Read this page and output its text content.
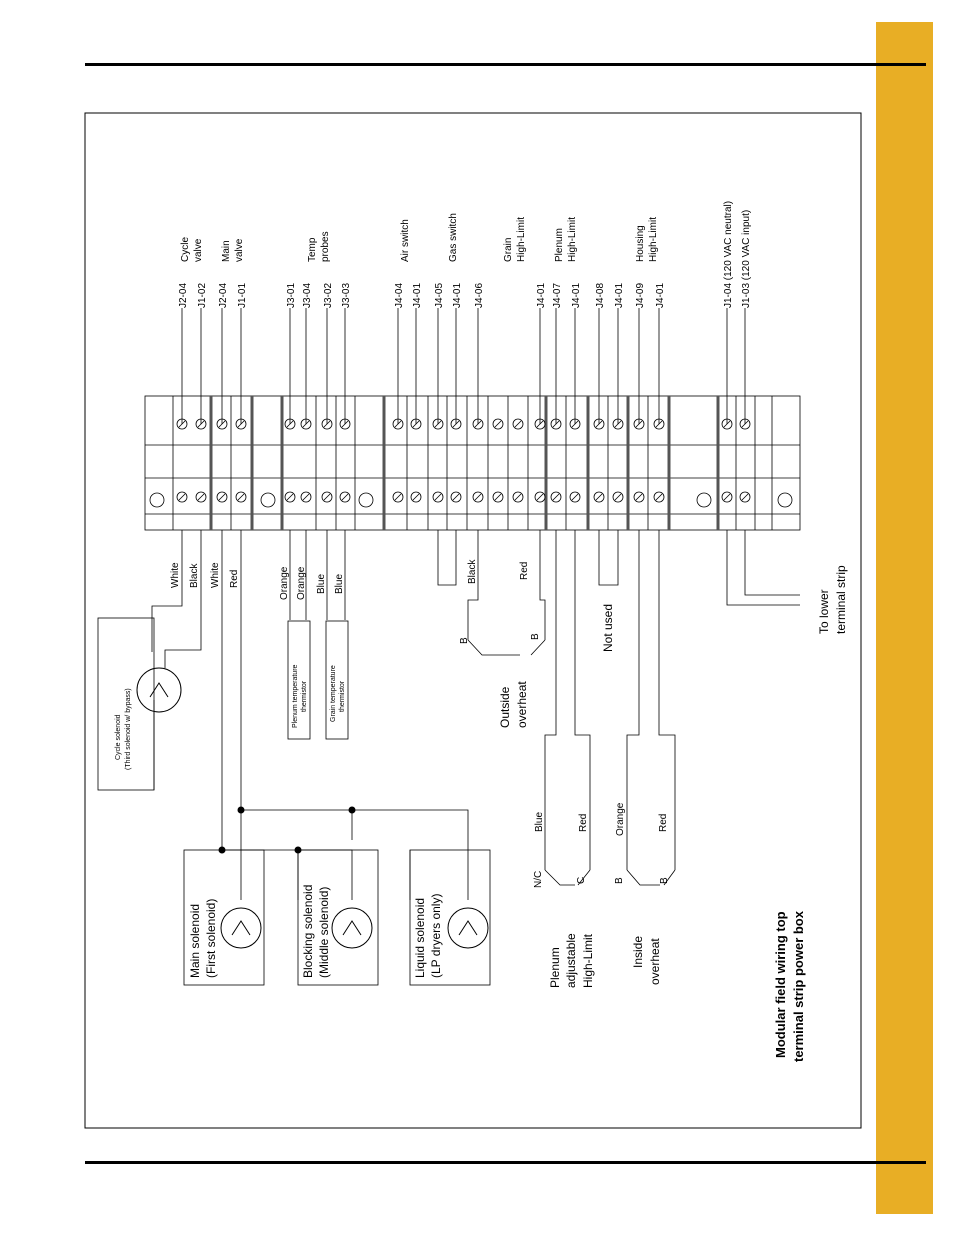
J2-04 J1-02 J2-04 J1-01	J3-01 J3-04 J3-02 J3-03	J4-04 J4-01 J4-05 J4-01 J4-06	J4-01 J4-07 J4-01 J4-08 J4-01 J4-09 J4-01	J1-04 (120 VAC neutral) J1-03 (120 VAC input)
Cycle valve Main valve	Temp probes	Air switch	Gas switch	Grain High-Limit	Plenum High-Limit	Housing High-Limit
White Black White Red	Orange Orange Blue Blue	Black	Red
Blue	Red	Orange	Red
Not used	To lower terminal strip
Outside overheat
Cycle solenoid (Third solenoid w/ bypass)	Plenum temperature thermistor	Grain temperature thermistor
Main solenoid (First solenoid)	Blocking solenoid (Middle solenoid)	Liquid solenoid (LP dryers only)	Plenum adjustable High-Limit	Inside overheat
B
B
N/C	C	B	B
Modular field wiring top terminal strip power box
